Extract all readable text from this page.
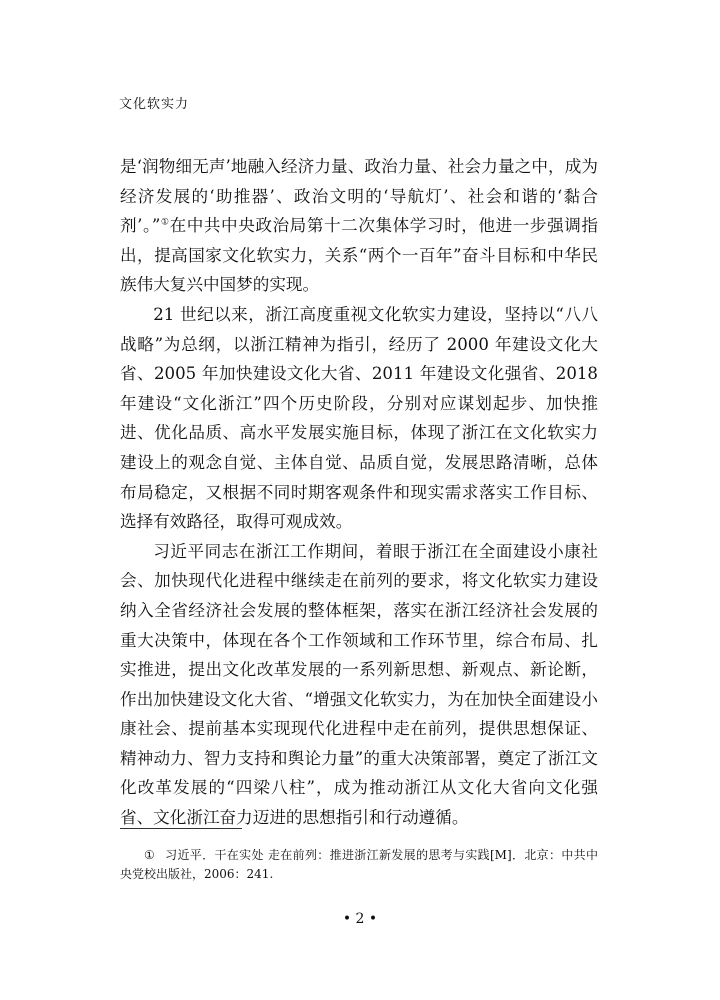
文化软实力

是‘润物细无声’地融入经济力量、政治力量、社会力量之中，成为经济发展的‘助推器’、政治文明的‘导航灯’、社会和谐的‘黏合剂’。”①在中共中央政治局第十二次集体学习时，他进一步强调指出，提高国家文化软实力，关系“两个一百年”奋斗目标和中华民族伟大复兴中国梦的实现。

21 世纪以来，浙江高度重视文化软实力建设，坚持以“八八战略”为总纲，以浙江精神为指引，经历了 2000 年建设文化大省、2005 年加快建设文化大省、2011 年建设文化强省、2018 年建设“文化浙江”四个历史阶段，分别对应谋划起步、加快推进、优化品质、高水平发展实施目标，体现了浙江在文化软实力建设上的观念自觉、主体自觉、品质自觉，发展思路清晰，总体布局稳定，又根据不同时期客观条件和现实需求落实工作目标、选择有效路径，取得可观成效。

习近平同志在浙江工作期间，着眼于浙江在全面建设小康社会、加快现代化进程中继续走在前列的要求，将文化软实力建设纳入全省经济社会发展的整体框架，落实在浙江经济社会发展的重大决策中，体现在各个工作领域和工作环节里，综合布局、扎实推进，提出文化改革发展的一系列新思想、新观点、新论断，作出加快建设文化大省、“增强文化软实力，为在加快全面建设小康社会、提前基本实现现代化进程中走在前列，提供思想保证、精神动力、智力支持和舆论力量”的重大决策部署，奠定了浙江文化改革发展的“四梁八柱”，成为推动浙江从文化大省向文化强省、文化浙江奋力迈进的思想指引和行动遵循。

① 习近平．干在实处 走在前列：推进浙江新发展的思考与实践[M]．北京：中共中央党校出版社，2006：241.
• 2 •
